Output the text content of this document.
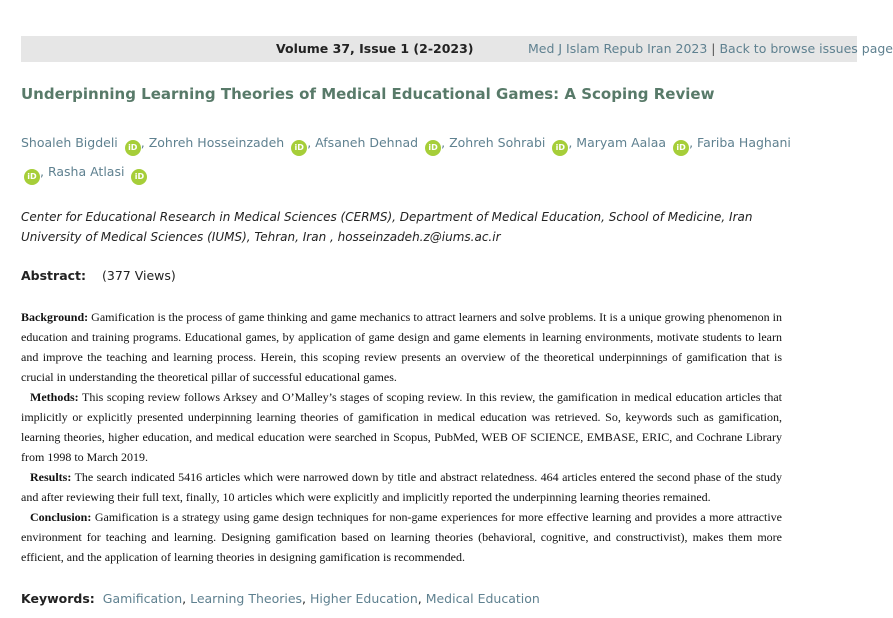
Volume 37, Issue 1 (2-2023)	Med J Islam Repub Iran 2023 | Back to browse issues page
Underpinning Learning Theories of Medical Educational Games: A Scoping Review
Shoaleh Bigdeli iD , Zohreh Hosseinzadeh iD , Afsaneh Dehnad iD , Zohreh Sohrabi iD , Maryam Aalaa iD , Fariba Haghani iD , Rasha Atlasi iD
Center for Educational Research in Medical Sciences (CERMS), Department of Medical Education, School of Medicine, Iran University of Medical Sciences (IUMS), Tehran, Iran , hosseinzadeh.z@iums.ac.ir
Abstract: (377 Views)

Background: Gamification is the process of game thinking and game mechanics to attract learners and solve problems. It is a unique growing phenomenon in education and training programs. Educational games, by application of game design and game elements in learning environments, motivate students to learn and improve the teaching and learning process. Herein, this scoping review presents an overview of the theoretical underpinnings of gamification that is crucial in understanding the theoretical pillar of successful educational games.

Methods: This scoping review follows Arksey and O’Malley’s stages of scoping review. In this review, the gamification in medical education articles that implicitly or explicitly presented underpinning learning theories of gamification in medical education was retrieved. So, keywords such as gamification, learning theories, higher education, and medical education were searched in Scopus, PubMed, WEB OF SCIENCE, EMBASE, ERIC, and Cochrane Library from 1998 to March 2019.

Results: The search indicated 5416 articles which were narrowed down by title and abstract relatedness. 464 articles entered the second phase of the study and after reviewing their full text, finally, 10 articles which were explicitly and implicitly reported the underpinning learning theories remained.

Conclusion: Gamification is a strategy using game design techniques for non-game experiences for more effective learning and provides a more attractive environment for teaching and learning. Designing gamification based on learning theories (behavioral, cognitive, and constructivist), makes them more efficient, and the application of learning theories in designing gamification is recommended.

Keywords: Gamification, Learning Theories, Higher Education, Medical Education
